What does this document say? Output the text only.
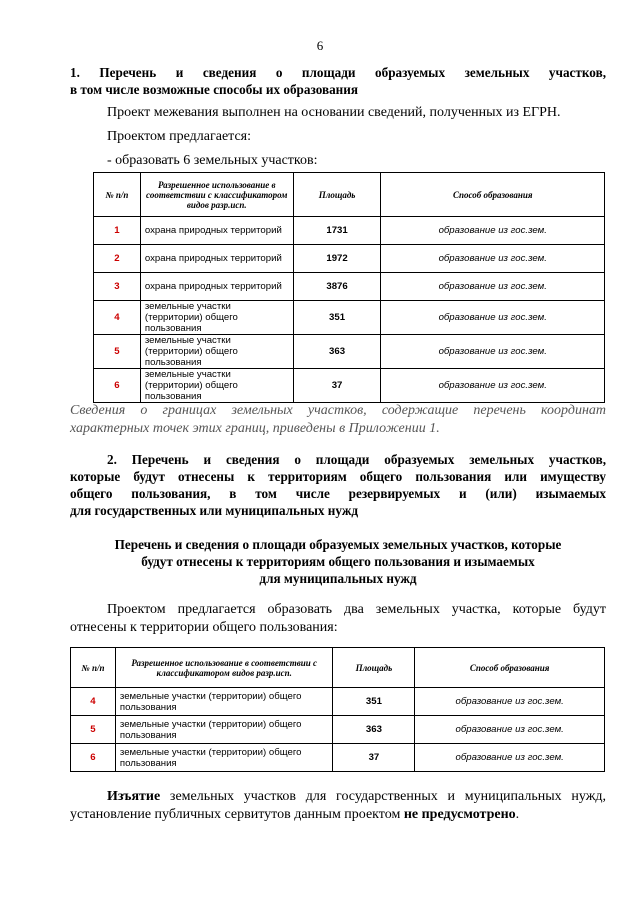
6
1. Перечень и сведения о площади образуемых земельных участков,
в том числе возможные способы их образования
Проект межевания выполнен на основании сведений, полученных из ЕГРН.
Проектом предлагается:
- образовать 6 земельных участков:
№ п/п	Разрешенное использование в соответствии с классификатором видов разр.исп.	Площадь	Способ образования
1	охрана природных территорий	1731	образование из гос.зем.
2	охрана природных территорий	1972	образование из гос.зем.
3	охрана природных территорий	3876	образование из гос.зем.
4	земельные участки (территории) общего пользования	351	образование из гос.зем.
5	земельные участки (территории) общего пользования	363	образование из гос.зем.
6	земельные участки (территории) общего пользования	37	образование из гос.зем.
Сведения о границах земельных участков, содержащие перечень координат
характерных точек этих границ, приведены в Приложении 1.
2. Перечень и сведения о площади образуемых земельных участков,
которые будут отнесены к территориям общего пользования или имуществу
общего пользования, в том числе резервируемых и (или) изымаемых
для государственных или муниципальных нужд
Перечень и сведения о площади образуемых земельных участков, которые
будут отнесены к территориям общего пользования и изымаемых
для муниципальных нужд
Проектом предлагается образовать два земельных участка, которые будут
отнесены к территории общего пользования:
№ п/п	Разрешенное использование в соответствии с классификатором видов разр.исп.	Площадь	Способ образования
4	земельные участки (территории) общего пользования	351	образование из гос.зем.
5	земельные участки (территории) общего пользования	363	образование из гос.зем.
6	земельные участки (территории) общего пользования	37	образование из гос.зем.
Изъятие земельных участков для государственных и муниципальных нужд,
установление публичных сервитутов данным проектом не предусмотрено.
